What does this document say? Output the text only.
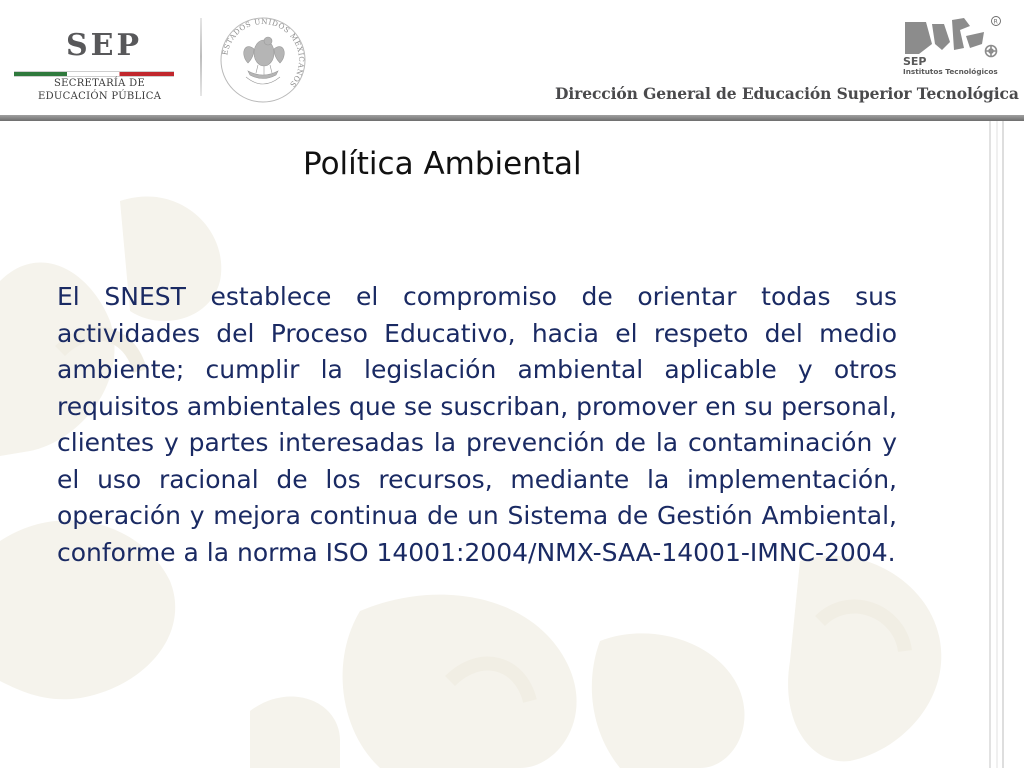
SEP
SECRETARÍA DE
EDUCACIÓN PÚBLICA
ESTADOS UNIDOS MEXICANOS
SEP
Institutos Tecnológicos
R
Dirección General de Educación Superior Tecnológica
Política Ambiental
El SNEST establece el compromiso de orientar todas sus actividades del Proceso Educativo, hacia el respeto del medio ambiente; cumplir la legislación ambiental aplicable y otros requisitos ambientales que se suscriban, promover en su personal, clientes y partes interesadas la prevención de la contaminación y el uso racional de los recursos, mediante la implementación, operación y mejora continua de un Sistema de Gestión Ambiental, conforme a la norma ISO 14001:2004/NMX-SAA-14001-IMNC-2004.
